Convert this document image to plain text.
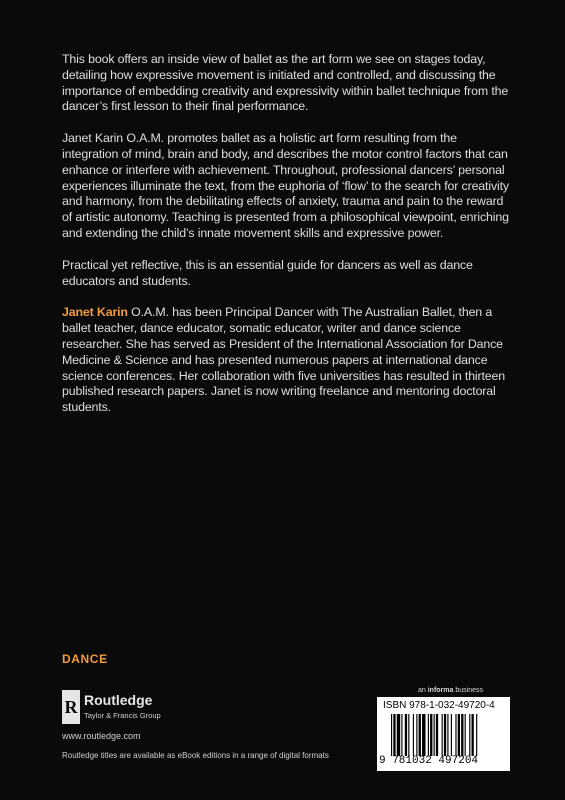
This book offers an inside view of ballet as the art form we see on stages today, detailing how expressive movement is initiated and controlled, and discussing the importance of embedding creativity and expressivity within ballet technique from the dancer’s first lesson to their final performance.

Janet Karin O.A.M. promotes ballet as a holistic art form resulting from the integration of mind, brain and body, and describes the motor control factors that can enhance or interfere with achievement. Throughout, professional dancers’ personal experiences illuminate the text, from the euphoria of ‘flow’ to the search for creativity and harmony, from the debilitating effects of anxiety, trauma and pain to the reward of artistic autonomy. Teaching is presented from a philosophical viewpoint, enriching and extending the child’s innate movement skills and expressive power.

Practical yet reflective, this is an essential guide for dancers as well as dance educators and students.

Janet Karin O.A.M. has been Principal Dancer with The Australian Ballet, then a ballet teacher, dance educator, somatic educator, writer and dance science researcher. She has served as President of the International Association for Dance Medicine & Science and has presented numerous papers at international dance science conferences. Her collaboration with five universities has resulted in thirteen published research papers. Janet is now writing freelance and mentoring doctoral students.

DANCE
R Routledge
Taylor & Francis Group
www.routledge.com
Routledge titles are available as eBook editions in a range of digital formats
an informa business
ISBN 978-1-032-49720-4
9 781032 497204
